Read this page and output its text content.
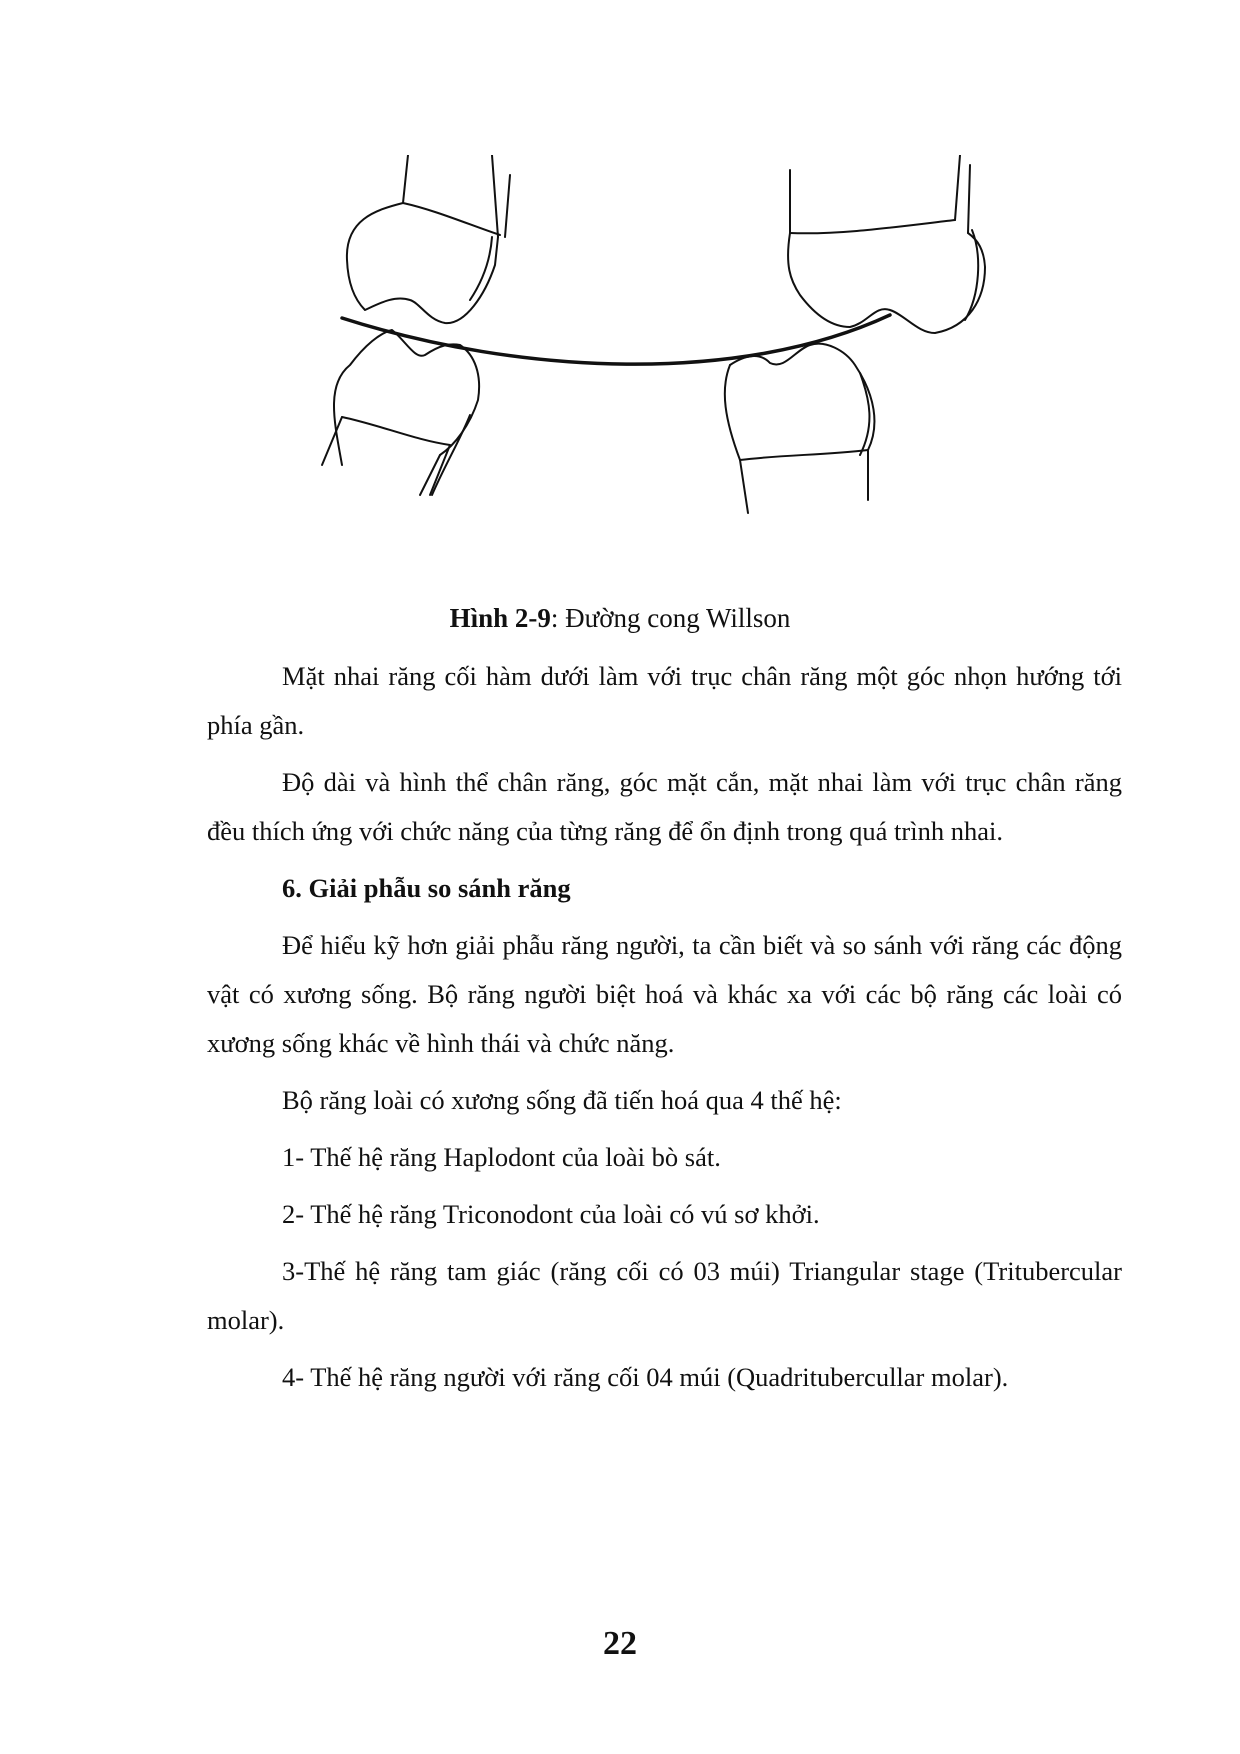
Hình 2-9: Đường cong Willson

Mặt nhai răng cối hàm dưới làm với trục chân răng một góc nhọn hướng tới phía gần.

Độ dài và hình thể chân răng, góc mặt cắn, mặt nhai làm với trục chân răng đều thích ứng với chức năng của từng răng để ổn định trong quá trình nhai.

6. Giải phẫu so sánh răng

Để hiểu kỹ hơn giải phẫu răng người, ta cần biết và so sánh với răng các động vật có xương sống. Bộ răng người biệt hoá và khác xa với các bộ răng các loài có xương sống khác về hình thái và chức năng.

Bộ răng loài có xương sống đã tiến hoá qua 4 thế hệ:

1- Thế hệ răng Haplodont của loài bò sát.

2- Thế hệ răng Triconodont của loài có vú sơ khởi.

3-Thế hệ răng tam giác (răng cối có 03 múi) Triangular stage (Tritubercular molar).

4- Thế hệ răng người với răng cối 04 múi (Quadritubercullar molar).

22
